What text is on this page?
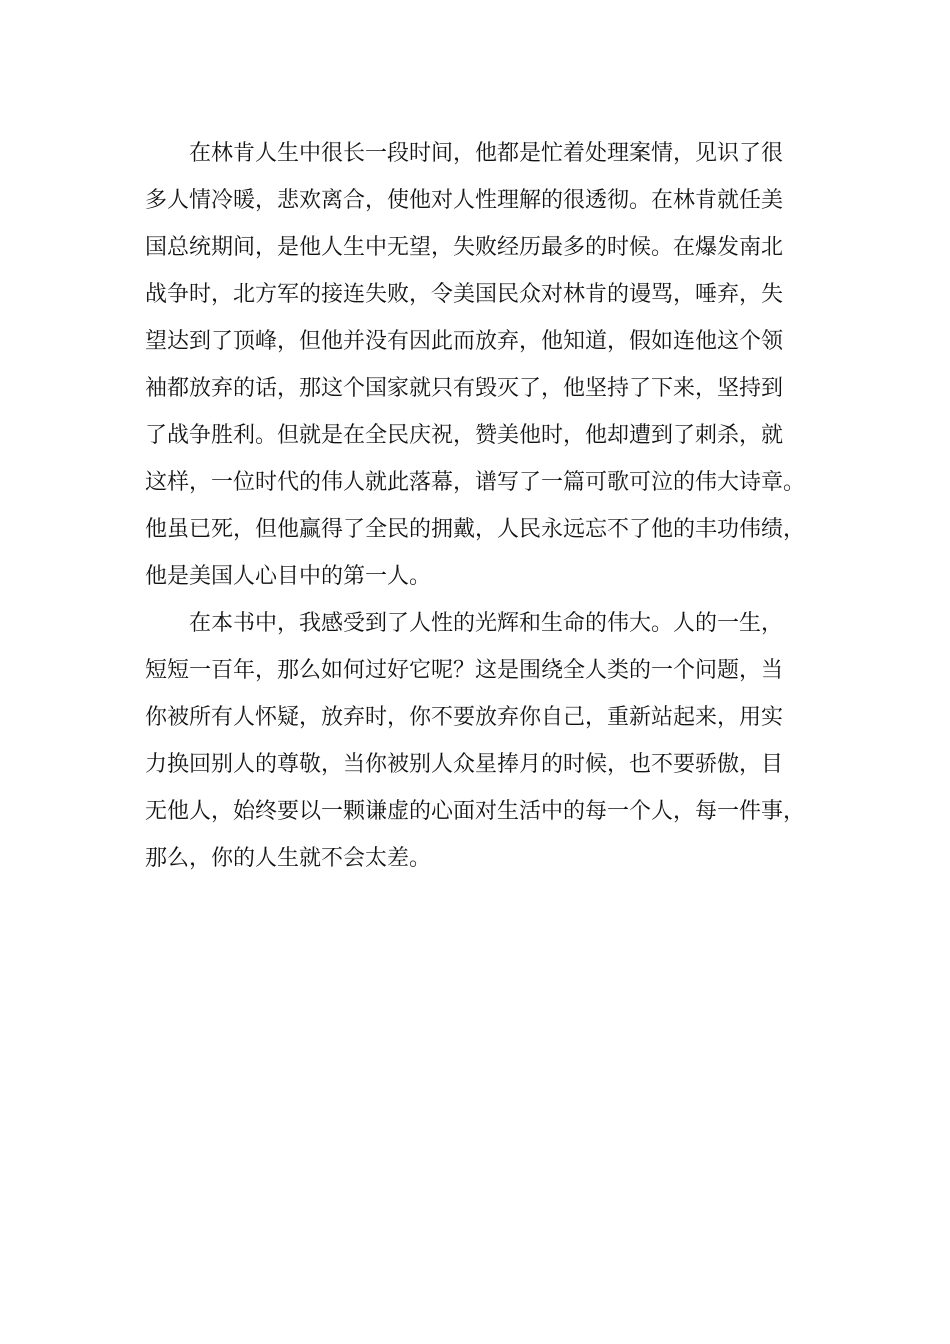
在林肯人生中很长一段时间，他都是忙着处理案情，见识了很
多人情冷暖，悲欢离合，使他对人性理解的很透彻。在林肯就任美
国总统期间，是他人生中无望，失败经历最多的时候。在爆发南北
战争时，北方军的接连失败，令美国民众对林肯的谩骂，唾弃，失
望达到了顶峰，但他并没有因此而放弃，他知道，假如连他这个领
袖都放弃的话，那这个国家就只有毁灭了，他坚持了下来，坚持到
了战争胜利。但就是在全民庆祝，赞美他时，他却遭到了刺杀，就
这样，一位时代的伟人就此落幕，谱写了一篇可歌可泣的伟大诗章。
他虽已死，但他赢得了全民的拥戴，人民永远忘不了他的丰功伟绩，
他是美国人心目中的第一人。
在本书中，我感受到了人性的光辉和生命的伟大。人的一生，
短短一百年，那么如何过好它呢？这是围绕全人类的一个问题，当
你被所有人怀疑，放弃时，你不要放弃你自己，重新站起来，用实
力换回别人的尊敬，当你被别人众星捧月的时候，也不要骄傲，目
无他人，始终要以一颗谦虚的心面对生活中的每一个人，每一件事，
那么，你的人生就不会太差。
